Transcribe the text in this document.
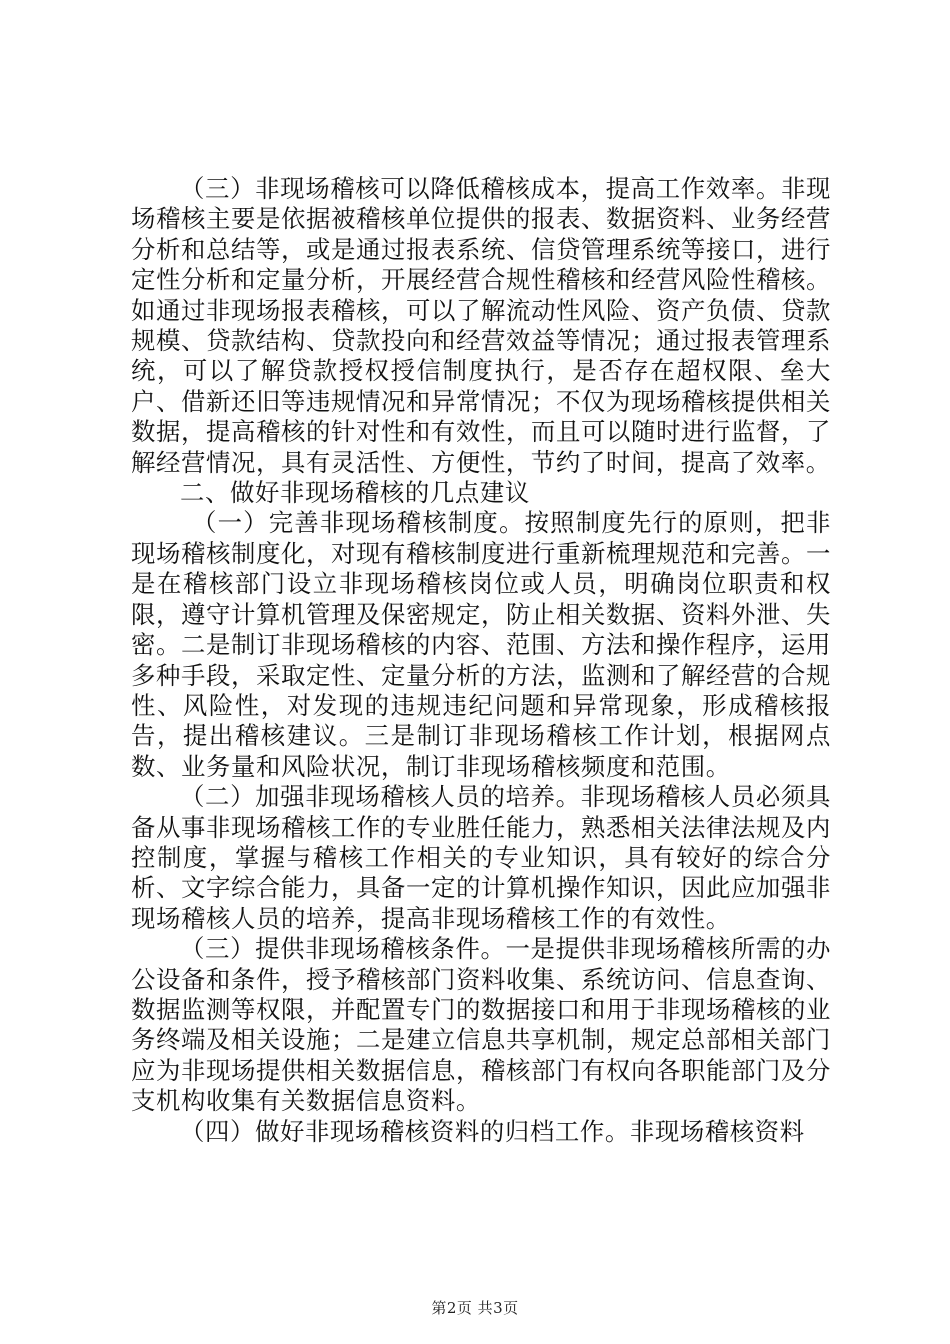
（三）非现场稽核可以降低稽核成本，提高工作效率。非现场稽核主要是依据被稽核单位提供的报表、数据资料、业务经营分析和总结等，或是通过报表系统、信贷管理系统等接口，进行定性分析和定量分析，开展经营合规性稽核和经营风险性稽核。如通过非现场报表稽核，可以了解流动性风险、资产负债、贷款规模、贷款结构、贷款投向和经营效益等情况；通过报表管理系统，可以了解贷款授权授信制度执行，是否存在超权限、垒大户、借新还旧等违规情况和异常情况；不仅为现场稽核提供相关数据，提高稽核的针对性和有效性，而且可以随时进行监督，了解经营情况，具有灵活性、方便性，节约了时间，提高了效率。

二、做好非现场稽核的几点建议

（一）完善非现场稽核制度。按照制度先行的原则，把非现场稽核制度化，对现有稽核制度进行重新梳理规范和完善。一是在稽核部门设立非现场稽核岗位或人员，明确岗位职责和权限，遵守计算机管理及保密规定，防止相关数据、资料外泄、失密。二是制订非现场稽核的内容、范围、方法和操作程序，运用多种手段，采取定性、定量分析的方法，监测和了解经营的合规性、风险性，对发现的违规违纪问题和异常现象，形成稽核报告，提出稽核建议。三是制订非现场稽核工作计划，根据网点数、业务量和风险状况，制订非现场稽核频度和范围。

（二）加强非现场稽核人员的培养。非现场稽核人员必须具备从事非现场稽核工作的专业胜任能力，熟悉相关法律法规及内控制度，掌握与稽核工作相关的专业知识，具有较好的综合分析、文字综合能力，具备一定的计算机操作知识，因此应加强非现场稽核人员的培养，提高非现场稽核工作的有效性。

（三）提供非现场稽核条件。一是提供非现场稽核所需的办公设备和条件，授予稽核部门资料收集、系统访问、信息查询、数据监测等权限，并配置专门的数据接口和用于非现场稽核的业务终端及相关设施；二是建立信息共享机制，规定总部相关部门应为非现场提供相关数据信息，稽核部门有权向各职能部门及分支机构收集有关数据信息资料。

（四）做好非现场稽核资料的归档工作。非现场稽核资料

第2页 共3页
